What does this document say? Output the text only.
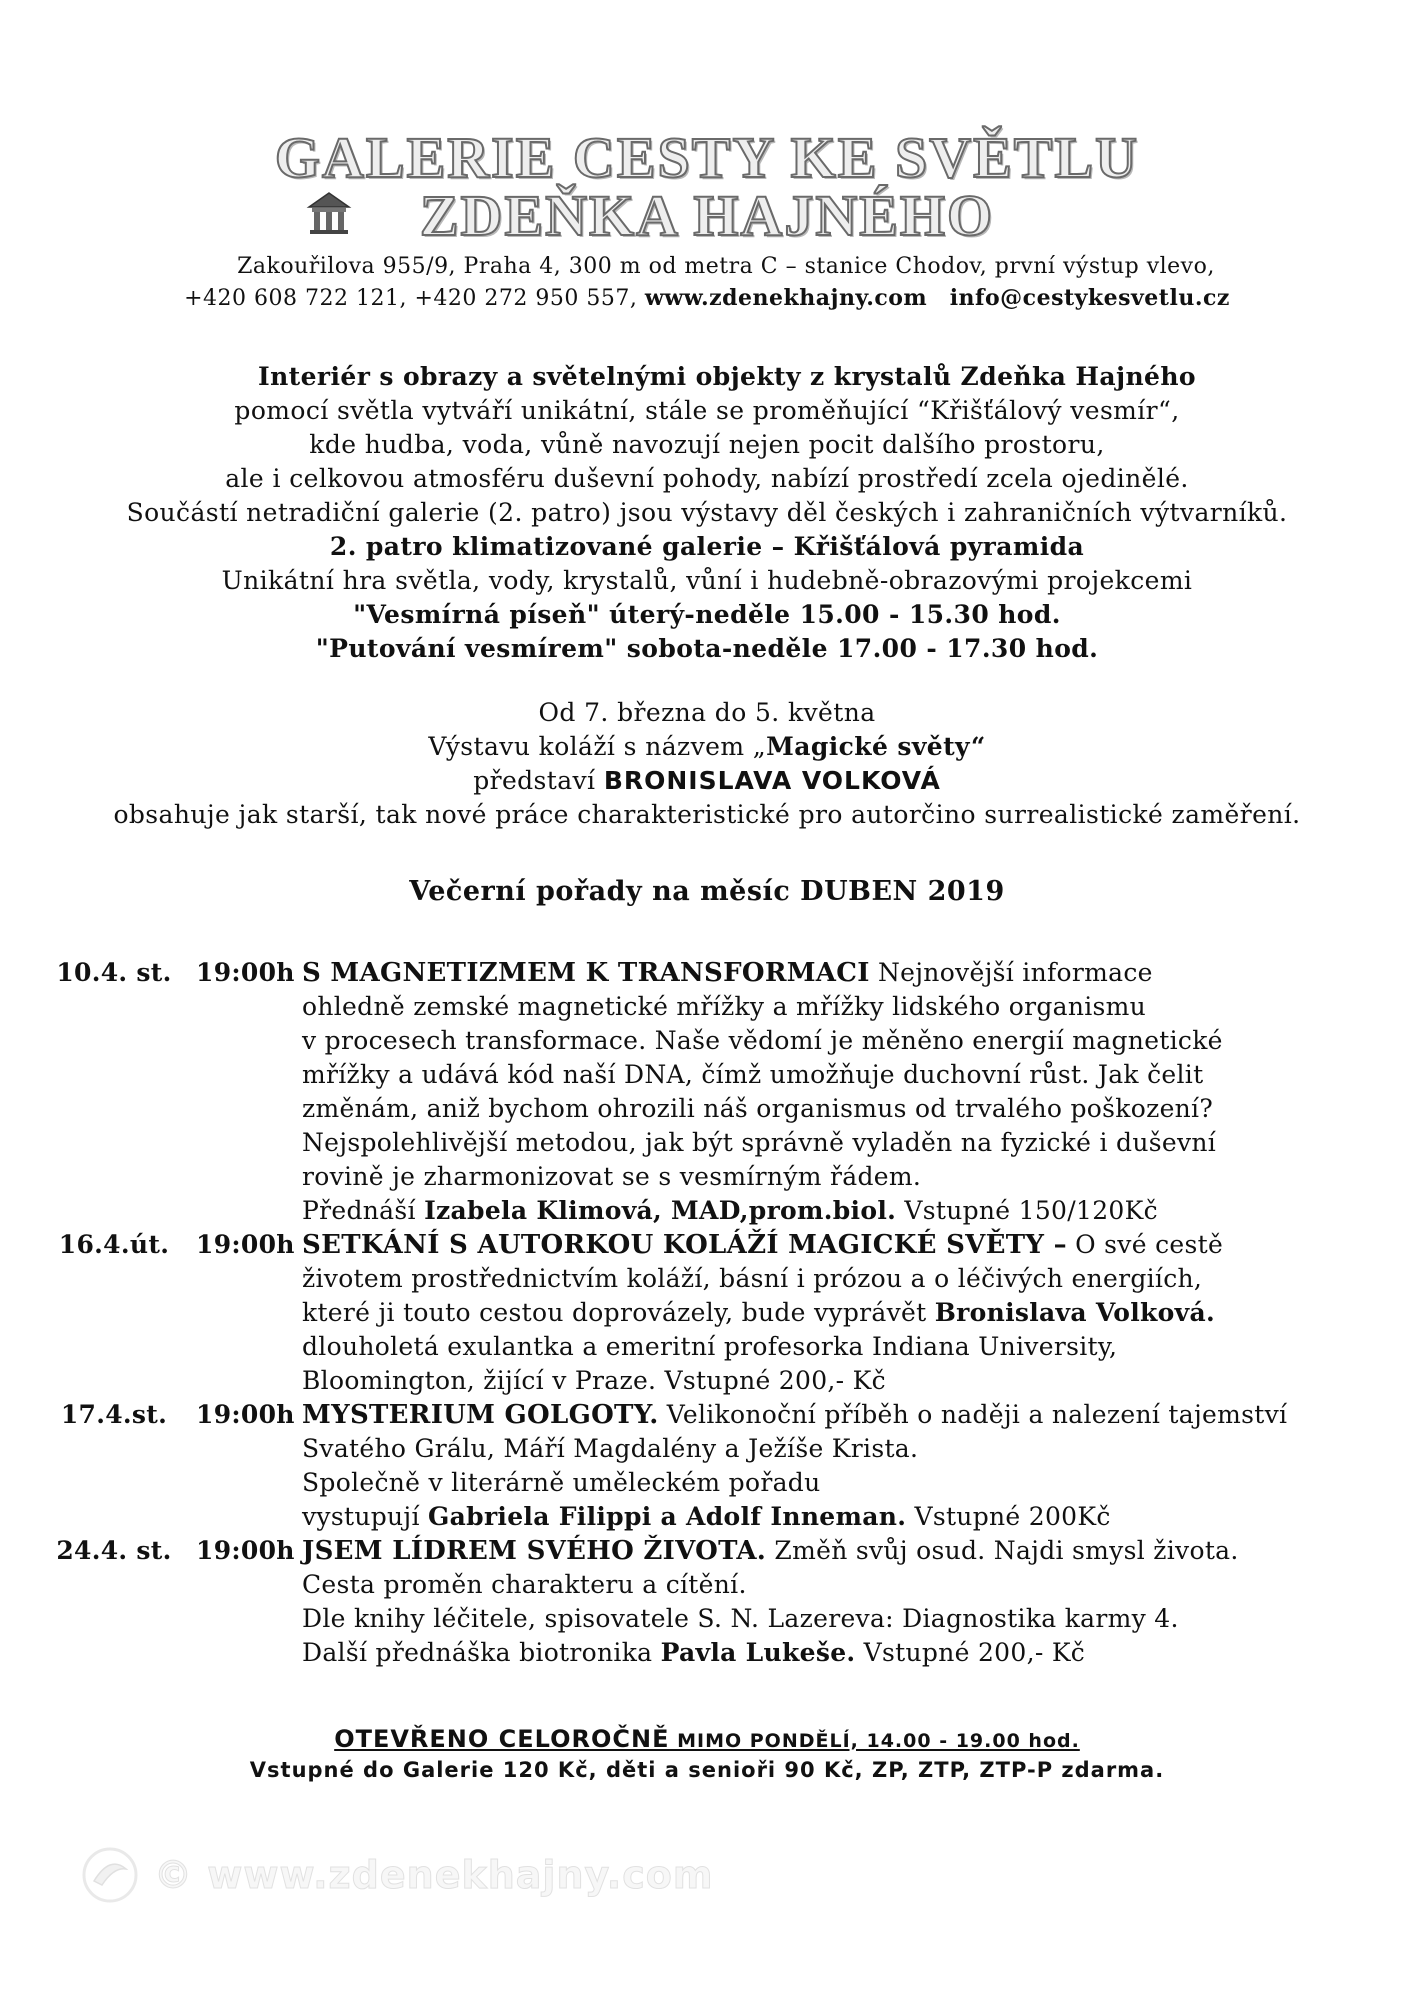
GALERIE CESTY KE SVĚTLU
ZDEŇKA HAJNÉHO
Zakouřilova 955/9, Praha 4, 300 m od metra C – stanice Chodov, první výstup vlevo,
+420 608 722 121, +420 272 950 557, www.zdenekhajny.com info@cestykesvetlu.cz
Interiér s obrazy a světelnými objekty z krystalů Zdeňka Hajného
pomocí světla vytváří unikátní, stále se proměňující “Křišťálový vesmír“,
kde hudba, voda, vůně navozují nejen pocit dalšího prostoru,
ale i celkovou atmosféru duševní pohody, nabízí prostředí zcela ojedinělé.
Součástí netradiční galerie (2. patro) jsou výstavy děl českých i zahraničních výtvarníků.
2. patro klimatizované galerie – Křišťálová pyramida
Unikátní hra světla, vody, krystalů, vůní i hudebně-obrazovými projekcemi
"Vesmírná píseň" úterý-neděle 15.00 - 15.30 hod.
"Putování vesmírem" sobota-neděle 17.00 - 17.30 hod.
Od 7. března do 5. května
Výstavu koláží s názvem „Magické světy“
představí BRONISLAVA VOLKOVÁ
obsahuje jak starší, tak nové práce charakteristické pro autorčino surrealistické zaměření.
Večerní pořady na měsíc DUBEN 2019
10.4. st. 19:00h S MAGNETIZMEM K TRANSFORMACI Nejnovější informace
ohledně zemské magnetické mřížky a mřížky lidského organismu
v procesech transformace. Naše vědomí je měněno energií magnetické
mřížky a udává kód naší DNA, čímž umožňuje duchovní růst. Jak čelit
změnám, aniž bychom ohrozili náš organismus od trvalého poškození?
Nejspolehlivější metodou, jak být správně vyladěn na fyzické i duševní
rovině je zharmonizovat se s vesmírným řádem.
Přednáší Izabela Klimová, MAD,prom.biol. Vstupné 150/120Kč
16.4.út.	19:00h SETKÁNÍ S AUTORKOU KOLÁŽÍ MAGICKÉ SVĚTY – O své cestě
životem prostřednictvím koláží, básní i prózou a o léčivých energiích,
které ji touto cestou doprovázely, bude vyprávět Bronislava Volková.
dlouholetá exulantka a emeritní profesorka Indiana University,
Bloomington, žijící v Praze. Vstupné 200,- Kč
17.4.st.	19:00h MYSTERIUM GOLGOTY. Velikonoční příběh o naději a nalezení tajemství
Svatého Grálu, Máří Magdalény a Ježíše Krista.
Společně v literárně uměleckém pořadu
vystupují Gabriela Filippi a Adolf Inneman. Vstupné 200Kč
24.4. st. 19:00h JSEM LÍDREM SVÉHO ŽIVOTA. Změň svůj osud. Najdi smysl života.
Cesta proměn charakteru a cítění.
Dle knihy léčitele, spisovatele S. N. Lazereva: Diagnostika karmy 4.
Další přednáška biotronika Pavla Lukeše. Vstupné 200,- Kč
OTEVŘENO CELOROČNĚ MIMO PONDĚLÍ, 14.00 - 19.00 hod.
Vstupné do Galerie 120 Kč, děti a senioři 90 Kč, ZP, ZTP, ZTP-P zdarma.
© www.zdenekhajny.com
